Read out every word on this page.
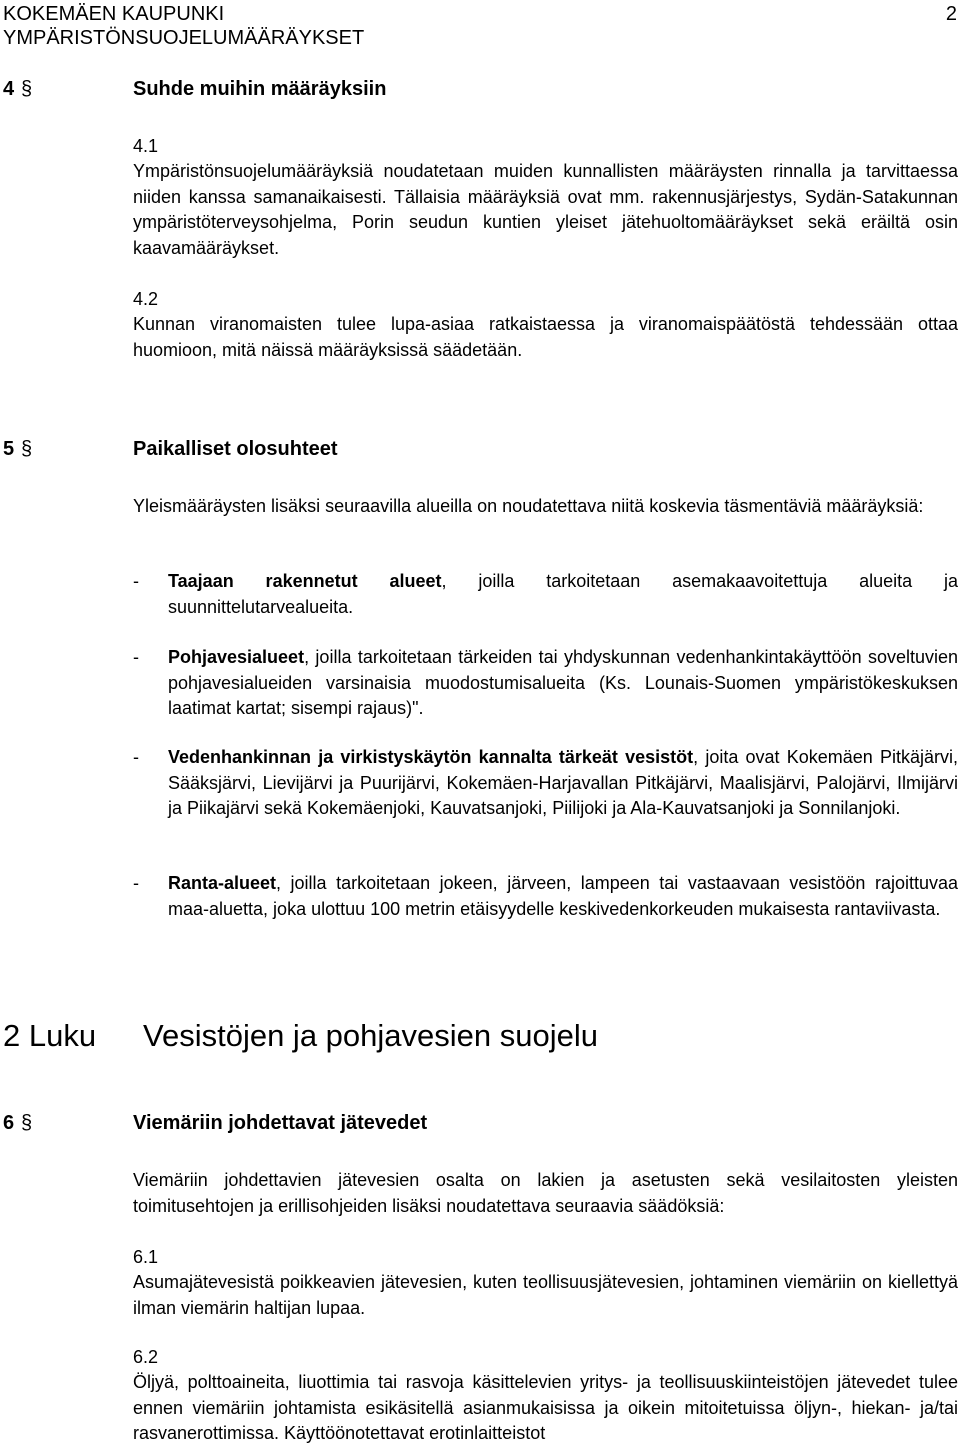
KOKEMÄEN KAUPUNKI
YMPÄRISTÖNSUOJELUMÄÄRÄYKSET
2
4 §	Suhde muihin määräyksiin
4.1
Ympäristönsuojelumääräyksiä noudatetaan muiden kunnallisten määräysten rinnalla ja tarvittaessa niiden kanssa samanaikaisesti. Tällaisia määräyksiä ovat mm. rakennusjärjestys, Sydän-Satakunnan ympäristöterveysohjelma, Porin seudun kuntien yleiset jätehuoltomääräykset sekä eräiltä osin kaavamääräykset.
4.2
Kunnan viranomaisten tulee lupa-asiaa ratkaistaessa ja viranomaispäätöstä tehdessään ottaa huomioon, mitä näissä määräyksissä säädetään.
5 §	Paikalliset olosuhteet
Yleismääräysten lisäksi seuraavilla alueilla on noudatettava niitä koskevia täsmentäviä määräyksiä:
- Taajaan rakennetut alueet, joilla tarkoitetaan asemakaavoitettuja alueita ja suunnittelutarvealueita.
- Pohjavesialueet, joilla tarkoitetaan tärkeiden tai yhdyskunnan vedenhankintakäyttöön soveltuvien pohjavesialueiden varsinaisia muodostumisalueita (Ks. Lounais-Suomen ympäristökeskuksen laatimat kartat; sisempi rajaus)".
- Vedenhankinnan ja virkistyskäytön kannalta tärkeät vesistöt, joita ovat Kokemäen Pitkäjärvi, Sääksjärvi, Lievijärvi ja Puurijärvi, Kokemäen-Harjavallan Pitkäjärvi, Maalisjärvi, Palojärvi, Ilmijärvi ja Piikajärvi sekä Kokemäenjoki, Kauvatsanjoki, Piilijoki ja Ala-Kauvatsanjoki ja Sonnilanjoki.
- Ranta-alueet, joilla tarkoitetaan jokeen, järveen, lampeen tai vastaavaan vesistöön rajoittuvaa maa-aluetta, joka ulottuu 100 metrin etäisyydelle keskivedenkorkeuden mukaisesta rantaviivasta.
2 Luku Vesistöjen ja pohjavesien suojelu
6 §	Viemäriin johdettavat jätevedet
Viemäriin johdettavien jätevesien osalta on lakien ja asetusten sekä vesilaitosten yleisten toimitusehtojen ja erillisohjeiden lisäksi noudatettava seuraavia säädöksiä:
6.1
Asumajätevesistä poikkeavien jätevesien, kuten teollisuusjätevesien, johtaminen viemäriin on kiellettyä ilman viemärin haltijan lupaa.
6.2
Öljyä, polttoaineita, liuottimia tai rasvoja käsittelevien yritys- ja teollisuuskiinteistöjen jätevedet tulee ennen viemäriin johtamista esikäsitellä asianmukaisissa ja oikein mitoitetuissa öljyn-, hiekan- ja/tai rasvanerottimissa. Käyttöönotettavat erotinlaitteistot
